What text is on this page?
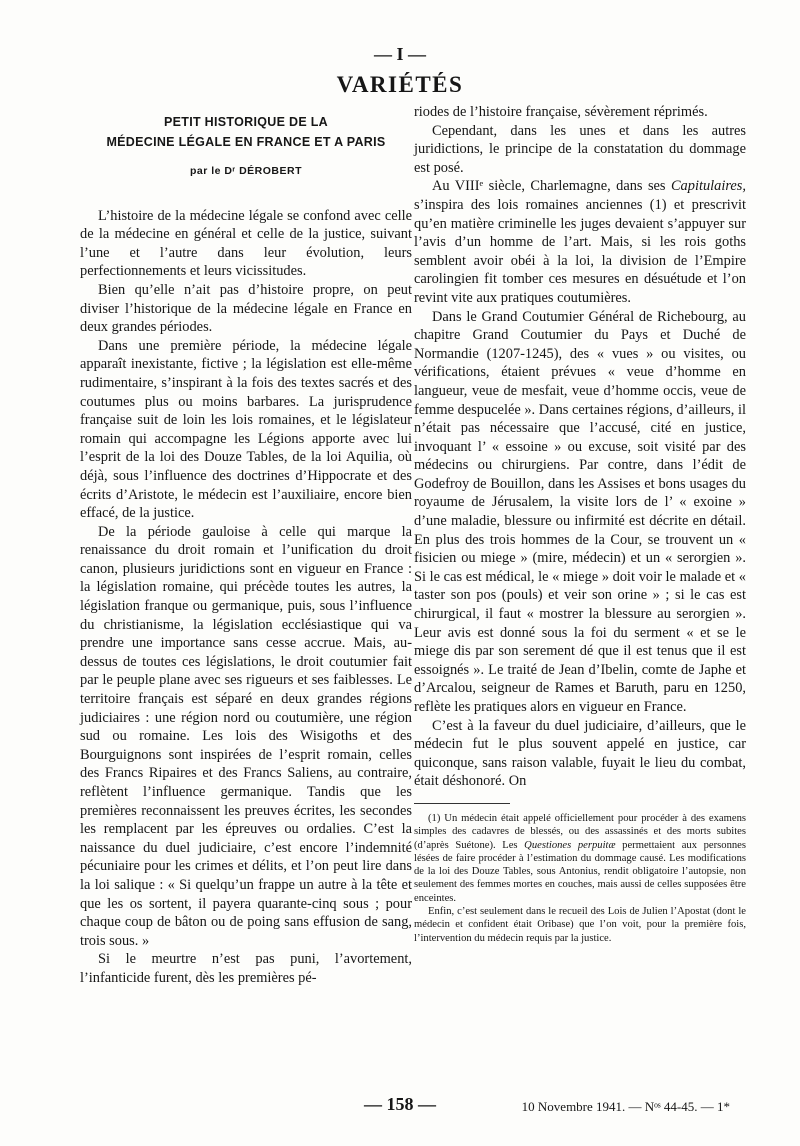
— I —
VARIÉTÉS
PETIT HISTORIQUE DE LA
MÉDECINE LÉGALE EN FRANCE ET A PARIS
par le Dʳ DÉROBERT

L’histoire de la médecine légale se confond avec celle de la médecine en général et celle de la justice, suivant l’une et l’autre dans leur évolution, leurs perfectionnements et leurs vicissitudes.

Bien qu’elle n’ait pas d’histoire propre, on peut diviser l’historique de la médecine légale en France en deux grandes périodes.

Dans une première période, la médecine légale apparaît inexistante, fictive ; la législation est elle-même rudimentaire, s’inspirant à la fois des textes sacrés et des coutumes plus ou moins barbares. La jurisprudence française suit de loin les lois romaines, et le législateur romain qui accompagne les Légions apporte avec lui l’esprit de la loi des Douze Tables, de la loi Aquilia, où déjà, sous l’influence des doctrines d’Hippocrate et des écrits d’Aristote, le médecin est l’auxiliaire, encore bien effacé, de la justice.

De la période gauloise à celle qui marque la renaissance du droit romain et l’unification du droit canon, plusieurs juridictions sont en vigueur en France : la législation romaine, qui précède toutes les autres, la législation franque ou germanique, puis, sous l’influence du christianisme, la législation ecclésiastique qui va prendre une importance sans cesse accrue. Mais, au-dessus de toutes ces législations, le droit coutumier fait par le peuple plane avec ses rigueurs et ses faiblesses. Le territoire français est séparé en deux grandes régions judiciaires : une région nord ou coutumière, une région sud ou romaine. Les lois des Wisigoths et des Bourguignons sont inspirées de l’esprit romain, celles des Francs Ripaires et des Francs Saliens, au contraire, reflètent l’influence germanique. Tandis que les premières reconnaissent les preuves écrites, les secondes les remplacent par les épreuves ou ordalies. C’est la naissance du duel judiciaire, c’est encore l’indemnité pécuniaire pour les crimes et délits, et l’on peut lire dans la loi salique : « Si quelqu’un frappe un autre à la tête et que les os sortent, il payera quarante-cinq sous ; pour chaque coup de bâton ou de poing sans effusion de sang, trois sous. »

Si le meurtre n’est pas puni, l’avortement, l’infanticide furent, dès les premières pé-

riodes de l’histoire française, sévèrement réprimés.

Cependant, dans les unes et dans les autres juridictions, le principe de la constatation du dommage est posé.

Au VIIIᵉ siècle, Charlemagne, dans ses Capitulaires, s’inspira des lois romaines anciennes (1) et prescrivit qu’en matière criminelle les juges devaient s’appuyer sur l’avis d’un homme de l’art. Mais, si les rois goths semblent avoir obéi à la loi, la division de l’Empire carolingien fit tomber ces mesures en désuétude et l’on revint vite aux pratiques coutumières.

Dans le Grand Coutumier Général de Richebourg, au chapitre Grand Coutumier du Pays et Duché de Normandie (1207-1245), des « vues » ou visites, ou vérifications, étaient prévues « veue d’homme en langueur, veue de mesfait, veue d’homme occis, veue de femme despucelée ». Dans certaines régions, d’ailleurs, il n’était pas nécessaire que l’accusé, cité en justice, invoquant l’ « essoine » ou excuse, soit visité par des médecins ou chirurgiens. Par contre, dans l’édit de Godefroy de Bouillon, dans les Assises et bons usages du royaume de Jérusalem, la visite lors de l’ « exoine » d’une maladie, blessure ou infirmité est décrite en détail. En plus des trois hommes de la Cour, se trouvent un « fisicien ou miege » (mire, médecin) et un « serorgien ». Si le cas est médical, le « miege » doit voir le malade et « taster son pos (pouls) et veir son orine » ; si le cas est chirurgical, il faut « mostrer la blessure au serorgien ». Leur avis est donné sous la foi du serment « et se le miege dis par son serement dé que il est tenus que il est essoignés ». Le traité de Jean d’Ibelin, comte de Japhe et d’Arcalou, seigneur de Rames et Baruth, paru en 1250, reflète les pratiques alors en vigueur en France.

C’est à la faveur du duel judiciaire, d’ailleurs, que le médecin fut le plus souvent appelé en justice, car quiconque, sans raison valable, fuyait le lieu du combat, était déshonoré. On

(1) Un médecin était appelé officiellement pour procéder à des examens simples des cadavres de blessés, ou des assassinés et des morts subites (d’après Suétone). Les Questiones perpuitæ permettaient aux personnes lésées de faire procéder à l’estimation du dommage causé. Les modifications de la loi des Douze Tables, sous Antonius, rendit obligatoire l’autopsie, non seulement des femmes mortes en couches, mais aussi de celles supposées être enceintes.

Enfin, c’est seulement dans le recueil des Lois de Julien l’Apostat (dont le médecin et confident était Oribase) que l’on voit, pour la première fois, l’intervention du médecin requis par la justice.

— 158 —	10 Novembre 1941. — Nᵒˢ 44-45. — 1*
